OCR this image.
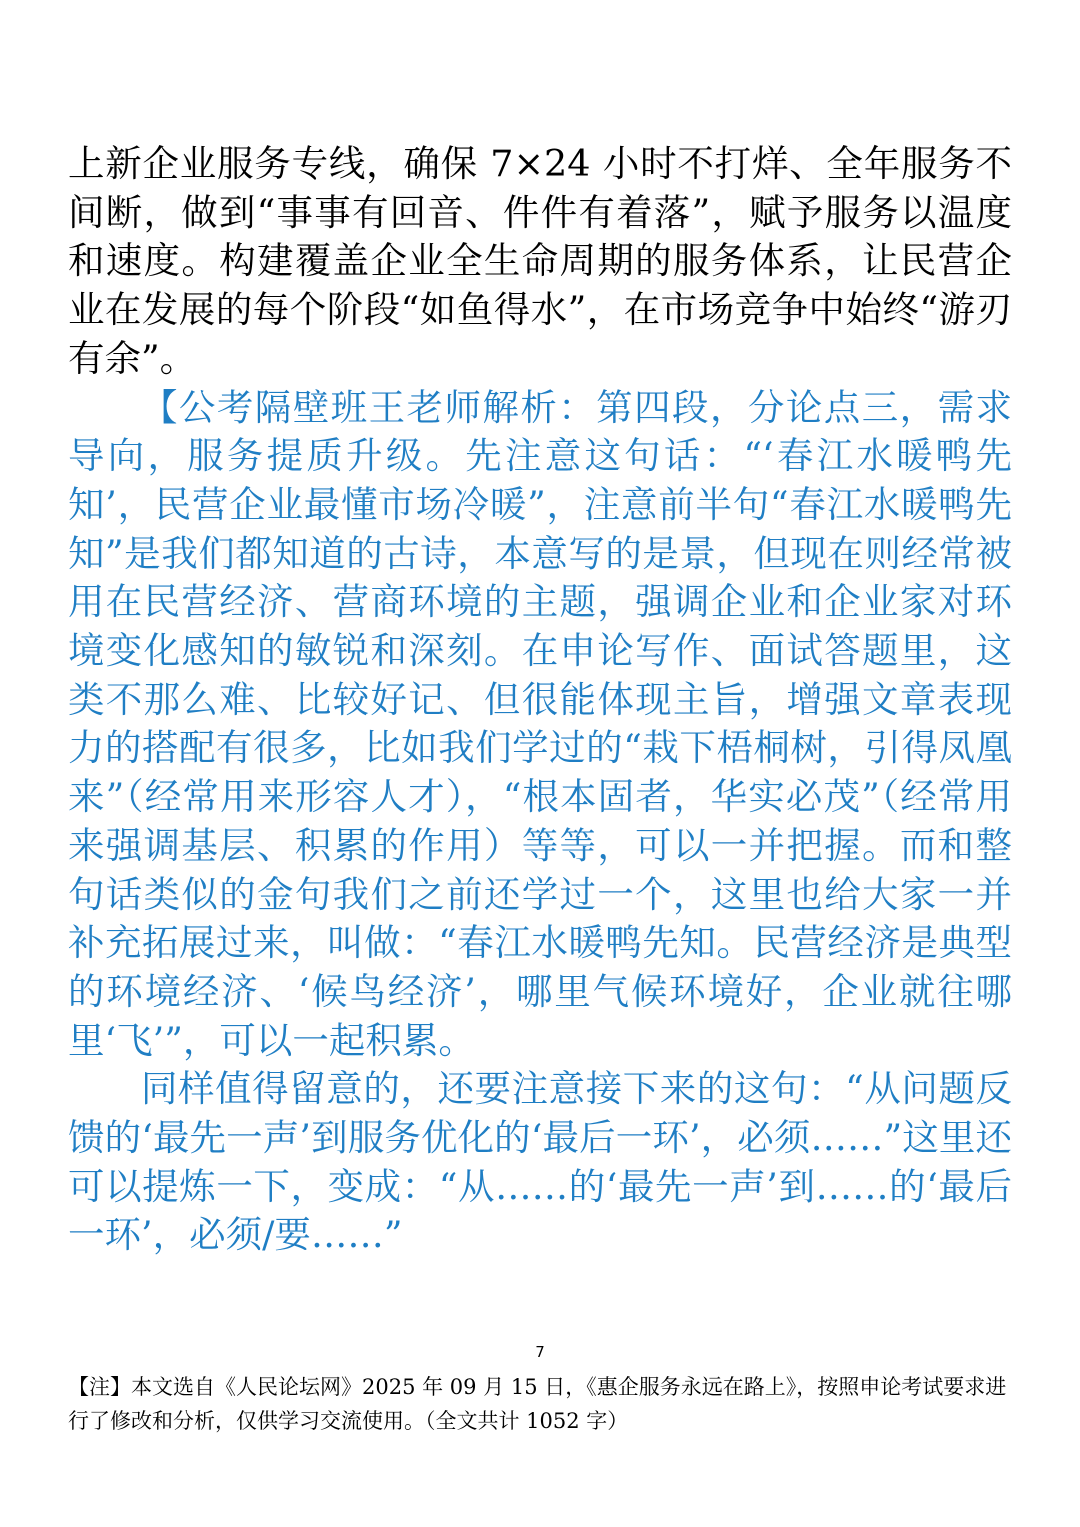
上新企业服务专线，确保 7×24 小时不打烊、全年服务不间断，做到“事事有回音、件件有着落”，赋予服务以温度和速度。构建覆盖企业全生命周期的服务体系，让民营企业在发展的每个阶段“如鱼得水”，在市场竞争中始终“游刃有余”。

【公考隔壁班王老师解析：第四段，分论点三，需求导向，服务提质升级。先注意这句话：“‘春江水暖鸭先知’，民营企业最懂市场冷暖”，注意前半句“春江水暖鸭先知”是我们都知道的古诗，本意写的是景，但现在则经常被用在民营经济、营商环境的主题，强调企业和企业家对环境变化感知的敏锐和深刻。在申论写作、面试答题里，这类不那么难、比较好记、但很能体现主旨，增强文章表现力的搭配有很多，比如我们学过的“栽下梧桐树，引得凤凰来”（经常用来形容人才），“根本固者，华实必茂”（经常用来强调基层、积累的作用）等等，可以一并把握。而和整句话类似的金句我们之前还学过一个，这里也给大家一并补充拓展过来，叫做：“春江水暖鸭先知。民营经济是典型的环境经济、‘候鸟经济’，哪里气候环境好，企业就往哪里‘飞’”，可以一起积累。

同样值得留意的，还要注意接下来的这句：“从问题反馈的‘最先一声’到服务优化的‘最后一环’，必须……”这里还可以提炼一下，变成：“从……的‘最先一声’到……的‘最后一环’，必须/要……”

7
【注】本文选自《人民论坛网》2025 年 09 月 15 日，《惠企服务永远在路上》，按照申论考试要求进行了修改和分析，仅供学习交流使用。（全文共计 1052 字）
